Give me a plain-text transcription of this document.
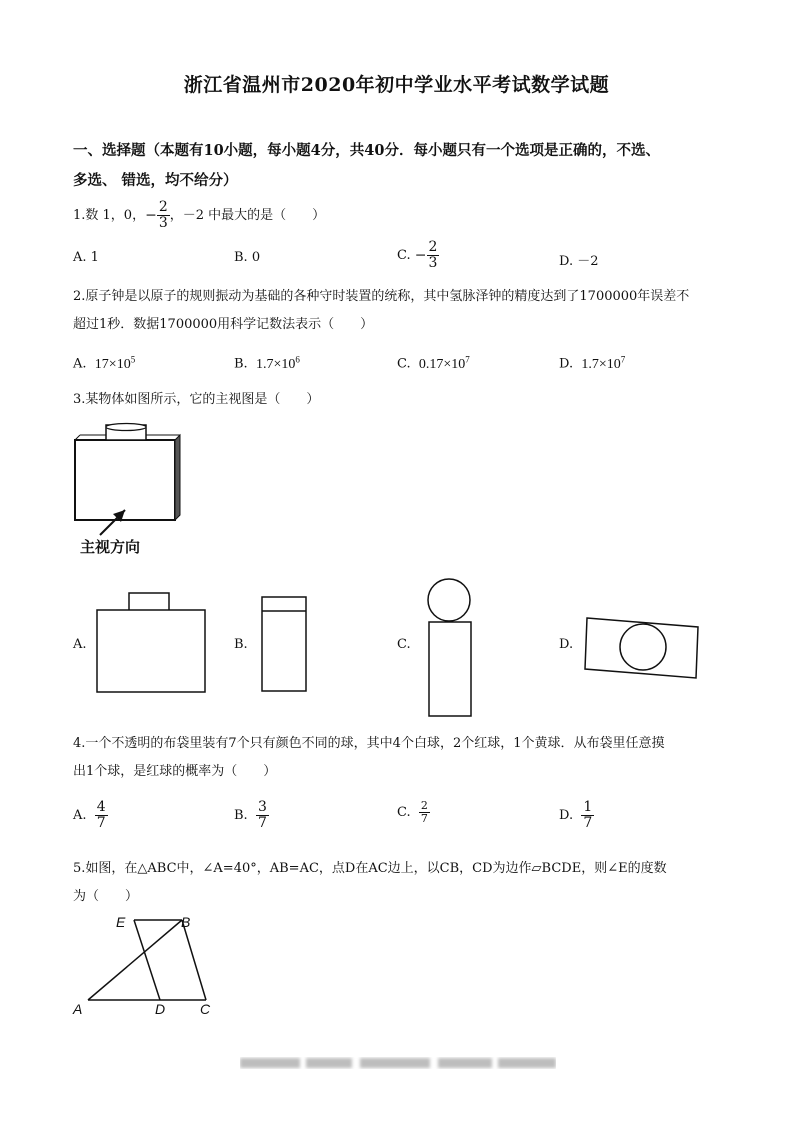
浙江省温州市2020年初中学业水平考试数学试题
一、选择题（本题有10小题，每小题4分，共40分．每小题只有一个选项是正确的，不选、
多选、 错选，均不给分）
1.数 1，0，− $\frac{2}{3}$ ，－2 中最大的是（　　）
A. 1	B. 0	C. − $\frac{2}{3}$	D. －2
2.原子钟是以原子的规则振动为基础的各种守时装置的统称，其中氢脉泽钟的精度达到了1700000年误差不
超过1秒．数据1700000用科学记数法表示（　　）
A. $17\times 10^5$	B. $1.7\times 10^6$	C. $0.17\times 10^7$	D. $1.7\times 10^7$
3.某物体如图所示，它的主视图是（　　）
主视方向
A.	B.	C.	D.
4.一个不透明的布袋里装有7个只有颜色不同的球，其中4个白球，2个红球，1个黄球．从布袋里任意摸
出1个球，是红球的概率为（　　）
A. $\frac{4}{7}$	B. $\frac{3}{7}$	C. $\frac{2}{7}$	D. $\frac{1}{7}$
5.如图，在△ABC中，∠A=40°，AB=AC，点D在AC边上，以CB，CD为边作▱BCDE，则∠E的度数
为（　　）
E	B
A	D C
